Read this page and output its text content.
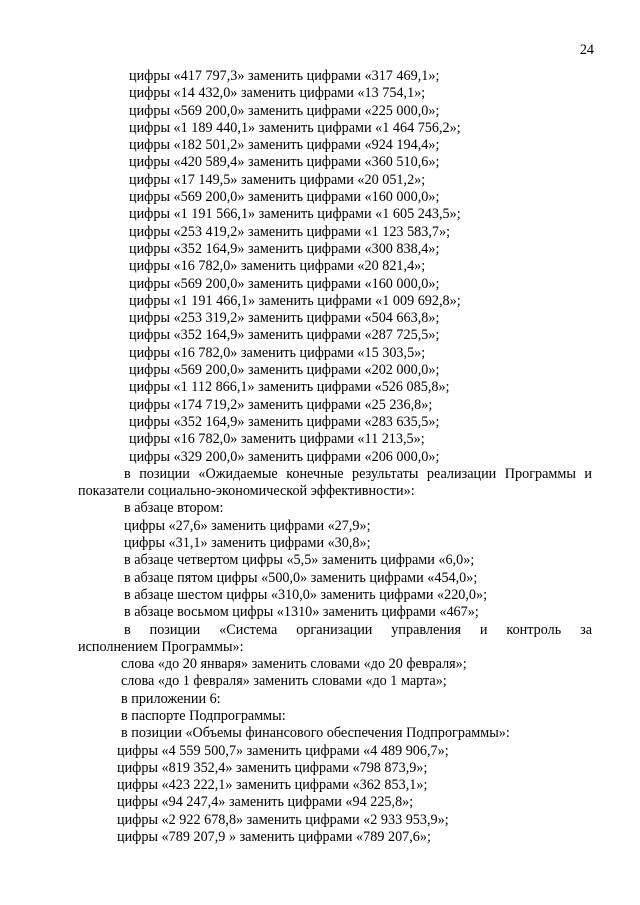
24
цифры «417 797,3» заменить цифрами «317 469,1»;
цифры «14 432,0» заменить цифрами «13 754,1»;
цифры «569 200,0» заменить цифрами «225 000,0»;
цифры «1 189 440,1» заменить цифрами «1 464 756,2»;
цифры «182 501,2» заменить цифрами «924 194,4»;
цифры «420 589,4» заменить цифрами «360 510,6»;
цифры «17 149,5» заменить цифрами «20 051,2»;
цифры «569 200,0» заменить цифрами «160 000,0»;
цифры «1 191 566,1» заменить цифрами «1 605 243,5»;
цифры «253 419,2» заменить цифрами «1 123 583,7»;
цифры «352 164,9» заменить цифрами «300 838,4»;
цифры «16 782,0» заменить цифрами «20 821,4»;
цифры «569 200,0» заменить цифрами «160 000,0»;
цифры «1 191 466,1» заменить цифрами «1 009 692,8»;
цифры «253 319,2» заменить цифрами «504 663,8»;
цифры «352 164,9» заменить цифрами «287 725,5»;
цифры «16 782,0» заменить цифрами «15 303,5»;
цифры «569 200,0» заменить цифрами «202 000,0»;
цифры «1 112 866,1» заменить цифрами «526 085,8»;
цифры «174 719,2» заменить цифрами «25 236,8»;
цифры «352 164,9» заменить цифрами «283 635,5»;
цифры «16 782,0» заменить цифрами «11 213,5»;
цифры «329 200,0» заменить цифрами «206 000,0»;
в позиции «Ожидаемые конечные результаты реализации Программы и
показатели социально-экономической эффективности»:
в абзаце втором:
цифры «27,6» заменить цифрами «27,9»;
цифры «31,1» заменить цифрами «30,8»;
в абзаце четвертом цифры «5,5» заменить цифрами «6,0»;
в абзаце пятом цифры «500,0» заменить цифрами «454,0»;
в абзаце шестом цифры «310,0» заменить цифрами «220,0»;
в абзаце восьмом цифры «1310» заменить цифрами «467»;
в позиции «Система организации управления и контроль за
исполнением Программы»:
слова «до 20 января» заменить словами «до 20 февраля»;
слова «до 1 февраля» заменить словами «до 1 марта»;
в приложении 6:
в паспорте Подпрограммы:
в позиции «Объемы финансового обеспечения Подпрограммы»:
цифры «4 559 500,7» заменить цифрами «4 489 906,7»;
цифры «819 352,4» заменить цифрами «798 873,9»;
цифры «423 222,1» заменить цифрами «362 853,1»;
цифры «94 247,4» заменить цифрами «94 225,8»;
цифры «2 922 678,8» заменить цифрами «2 933 953,9»;
цифры «789 207,9 » заменить цифрами «789 207,6»;
